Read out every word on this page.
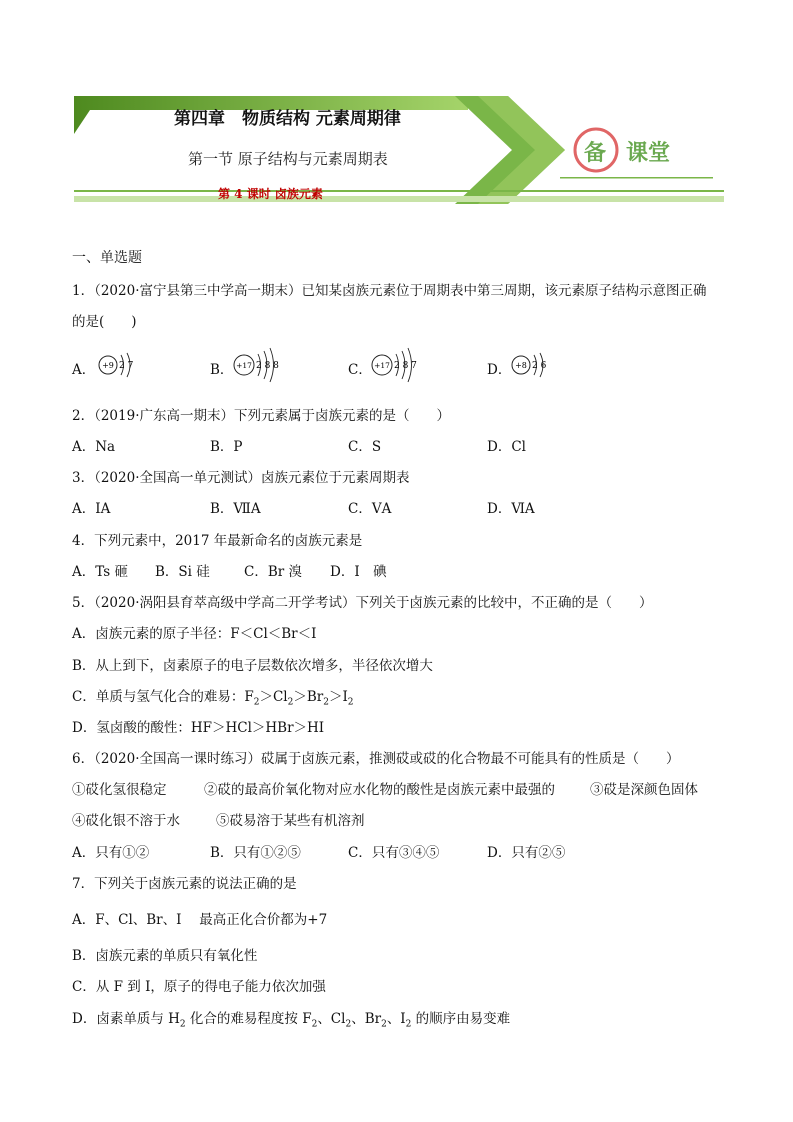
第四章　物质结构 元素周期律
第一节 原子结构与元素周期表
第 4 课时 卤族元素
备 课堂
一、单选题
1．（2020·富宁县第三中学高一期末）已知某卤族元素位于周期表中第三周期，该元素原子结构示意图正确
的是(　　)
A． +9 2 7	B． +17 2 8 8	C． +17 2 8 7	D． +8 2 6
2．（2019·广东高一期末）下列元素属于卤族元素的是（　　）
A．Na	B．P	C．S	D．Cl
3．（2020·全国高一单元测试）卤族元素位于元素周期表
A．ⅠA	B．ⅦA	C．ⅤA	D．ⅥA
4．下列元素中，2017 年最新命名的卤族元素是
A．Ts 砸 B．Si 硅	C．Br 溴 D．I　碘
5．（2020·涡阳县育萃高级中学高二开学考试）下列关于卤族元素的比较中，不正确的是（　　）
A．卤族元素的原子半径：F＜Cl＜Br＜I
B．从上到下，卤素原子的电子层数依次增多，半径依次增大
C．单质与氢气化合的难易：$F_2>Cl_2>Br_2>I_2$
D．氢卤酸的酸性：HF＞HCl＞HBr＞HI
6．（2020·全国高一课时练习）砹属于卤族元素，推测砹或砹的化合物最不可能具有的性质是（　　）
①砹化氢很稳定	②砹的最高价氧化物对应水化物的酸性是卤族元素中最强的	③砹是深颜色固体
④砹化银不溶于水	⑤砹易溶于某些有机溶剂
A．只有①②	B．只有①②⑤	C．只有③④⑤	D．只有②⑤
7．下列关于卤族元素的说法正确的是
A．F、Cl、Br、I　 最高正化合价都为+7
B．卤族元素的单质只有氧化性
C．从 F 到 I，原子的得电子能力依次加强
D．卤素单质与 $H_2$ 化合的难易程度按 $F_2$、$Cl_2$、$Br_2$、$I_2$ 的顺序由易变难
